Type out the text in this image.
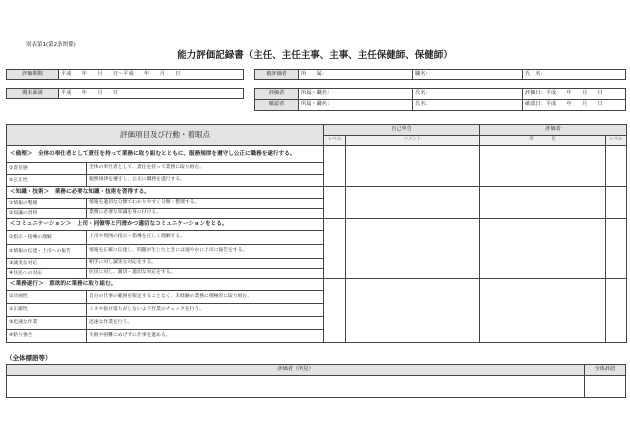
別表第1(第2条関係)
能力評価記録書（主任、主任主事、主事、主任保健師、保健師）
評価期間	平成　　年　　月　　日〜平成　　年　　月　　日
期末面談	平成　　年　　月　　日
被評価者	所　　属：	職名：	氏　名：
評価者	所属・職名：	氏名：	評価日：平成　　年　　月　　日
確認者	所属・職名：	氏名：	確認日：平成　　年　　月　　日
評価項目及び行動・着眼点		自己申告		評価者	
		レベル	コメント	所　　　　見	レベル
＜倫理＞　全体の奉仕者として責任を持って業務に取り組むとともに、服務規律を遵守し公正に職務を遂行する。					
①責任感	全体の奉仕者として、責任を持って業務に取り組む。				
②公正性	服務規律を遵守し、公正に職務を遂行する。				
＜知識・技術＞　業務に必要な知識・技術を習得する。					
①情報の整理	情報を適切な分類でわかりやすく分類・整理する。				
②知識の習得	業務に必要な知識を身に付ける。				
＜コミュニケーション＞　上司・同僚等と円滑かつ適切なコミュニケーションをとる。					
①指示・指導の理解	上司や周囲の指示・指導を正しく理解する。				
②情報の伝達・上司への報告	情報を正確に伝達し、問題が生じたときには速やかに上司に報告をする。				
③誠実な対応	相手に対し誠実な対応をする。				
④住民への対応	住民に対し、親切・適切な対応をする。				
＜業務遂行＞　意欲的に業務に取り組む。					
①計画性	自分の仕事の範囲を限定することなく、未経験の業務に積極的に取り組む。				
②正確性	ミスや抜け落ちがしないよう作業のチェックを行う。				
③迅速な作業	迅速な作業を行う。				
④粘り強さ	失敗や困難にめげずに仕事を進める。				
（全体標語等）
評価者（所見）	全体評語
